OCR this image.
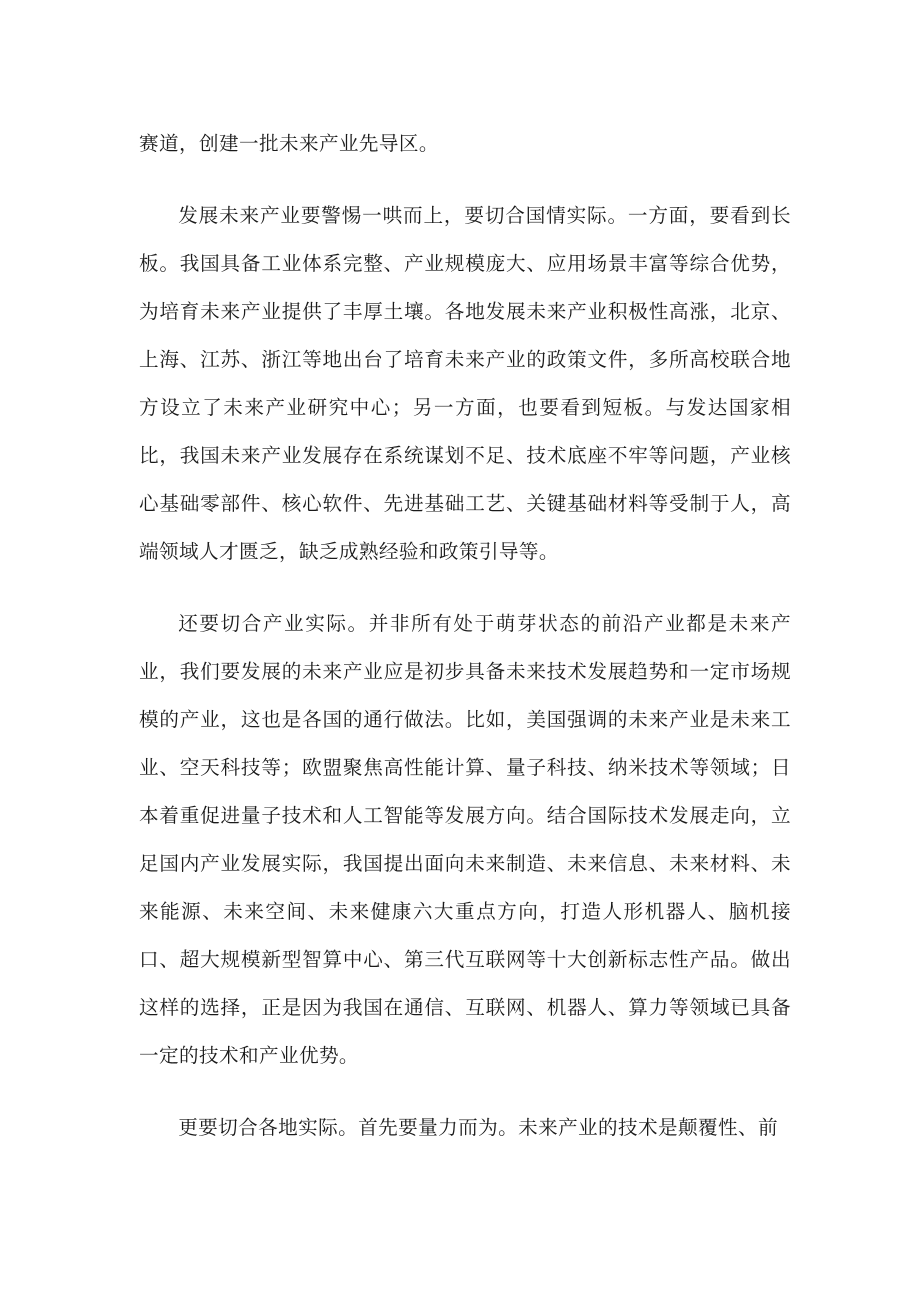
赛道，创建一批未来产业先导区。

发展未来产业要警惕一哄而上，要切合国情实际。一方面，要看到长板。我国具备工业体系完整、产业规模庞大、应用场景丰富等综合优势，为培育未来产业提供了丰厚土壤。各地发展未来产业积极性高涨，北京、上海、江苏、浙江等地出台了培育未来产业的政策文件，多所高校联合地方设立了未来产业研究中心；另一方面，也要看到短板。与发达国家相比，我国未来产业发展存在系统谋划不足、技术底座不牢等问题，产业核心基础零部件、核心软件、先进基础工艺、关键基础材料等受制于人，高端领域人才匮乏，缺乏成熟经验和政策引导等。

还要切合产业实际。并非所有处于萌芽状态的前沿产业都是未来产业，我们要发展的未来产业应是初步具备未来技术发展趋势和一定市场规模的产业，这也是各国的通行做法。比如，美国强调的未来产业是未来工业、空天科技等；欧盟聚焦高性能计算、量子科技、纳米技术等领域；日本着重促进量子技术和人工智能等发展方向。结合国际技术发展走向，立足国内产业发展实际，我国提出面向未来制造、未来信息、未来材料、未来能源、未来空间、未来健康六大重点方向，打造人形机器人、脑机接口、超大规模新型智算中心、第三代互联网等十大创新标志性产品。做出这样的选择，正是因为我国在通信、互联网、机器人、算力等领域已具备一定的技术和产业优势。

更要切合各地实际。首先要量力而为。未来产业的技术是颠覆性、前
